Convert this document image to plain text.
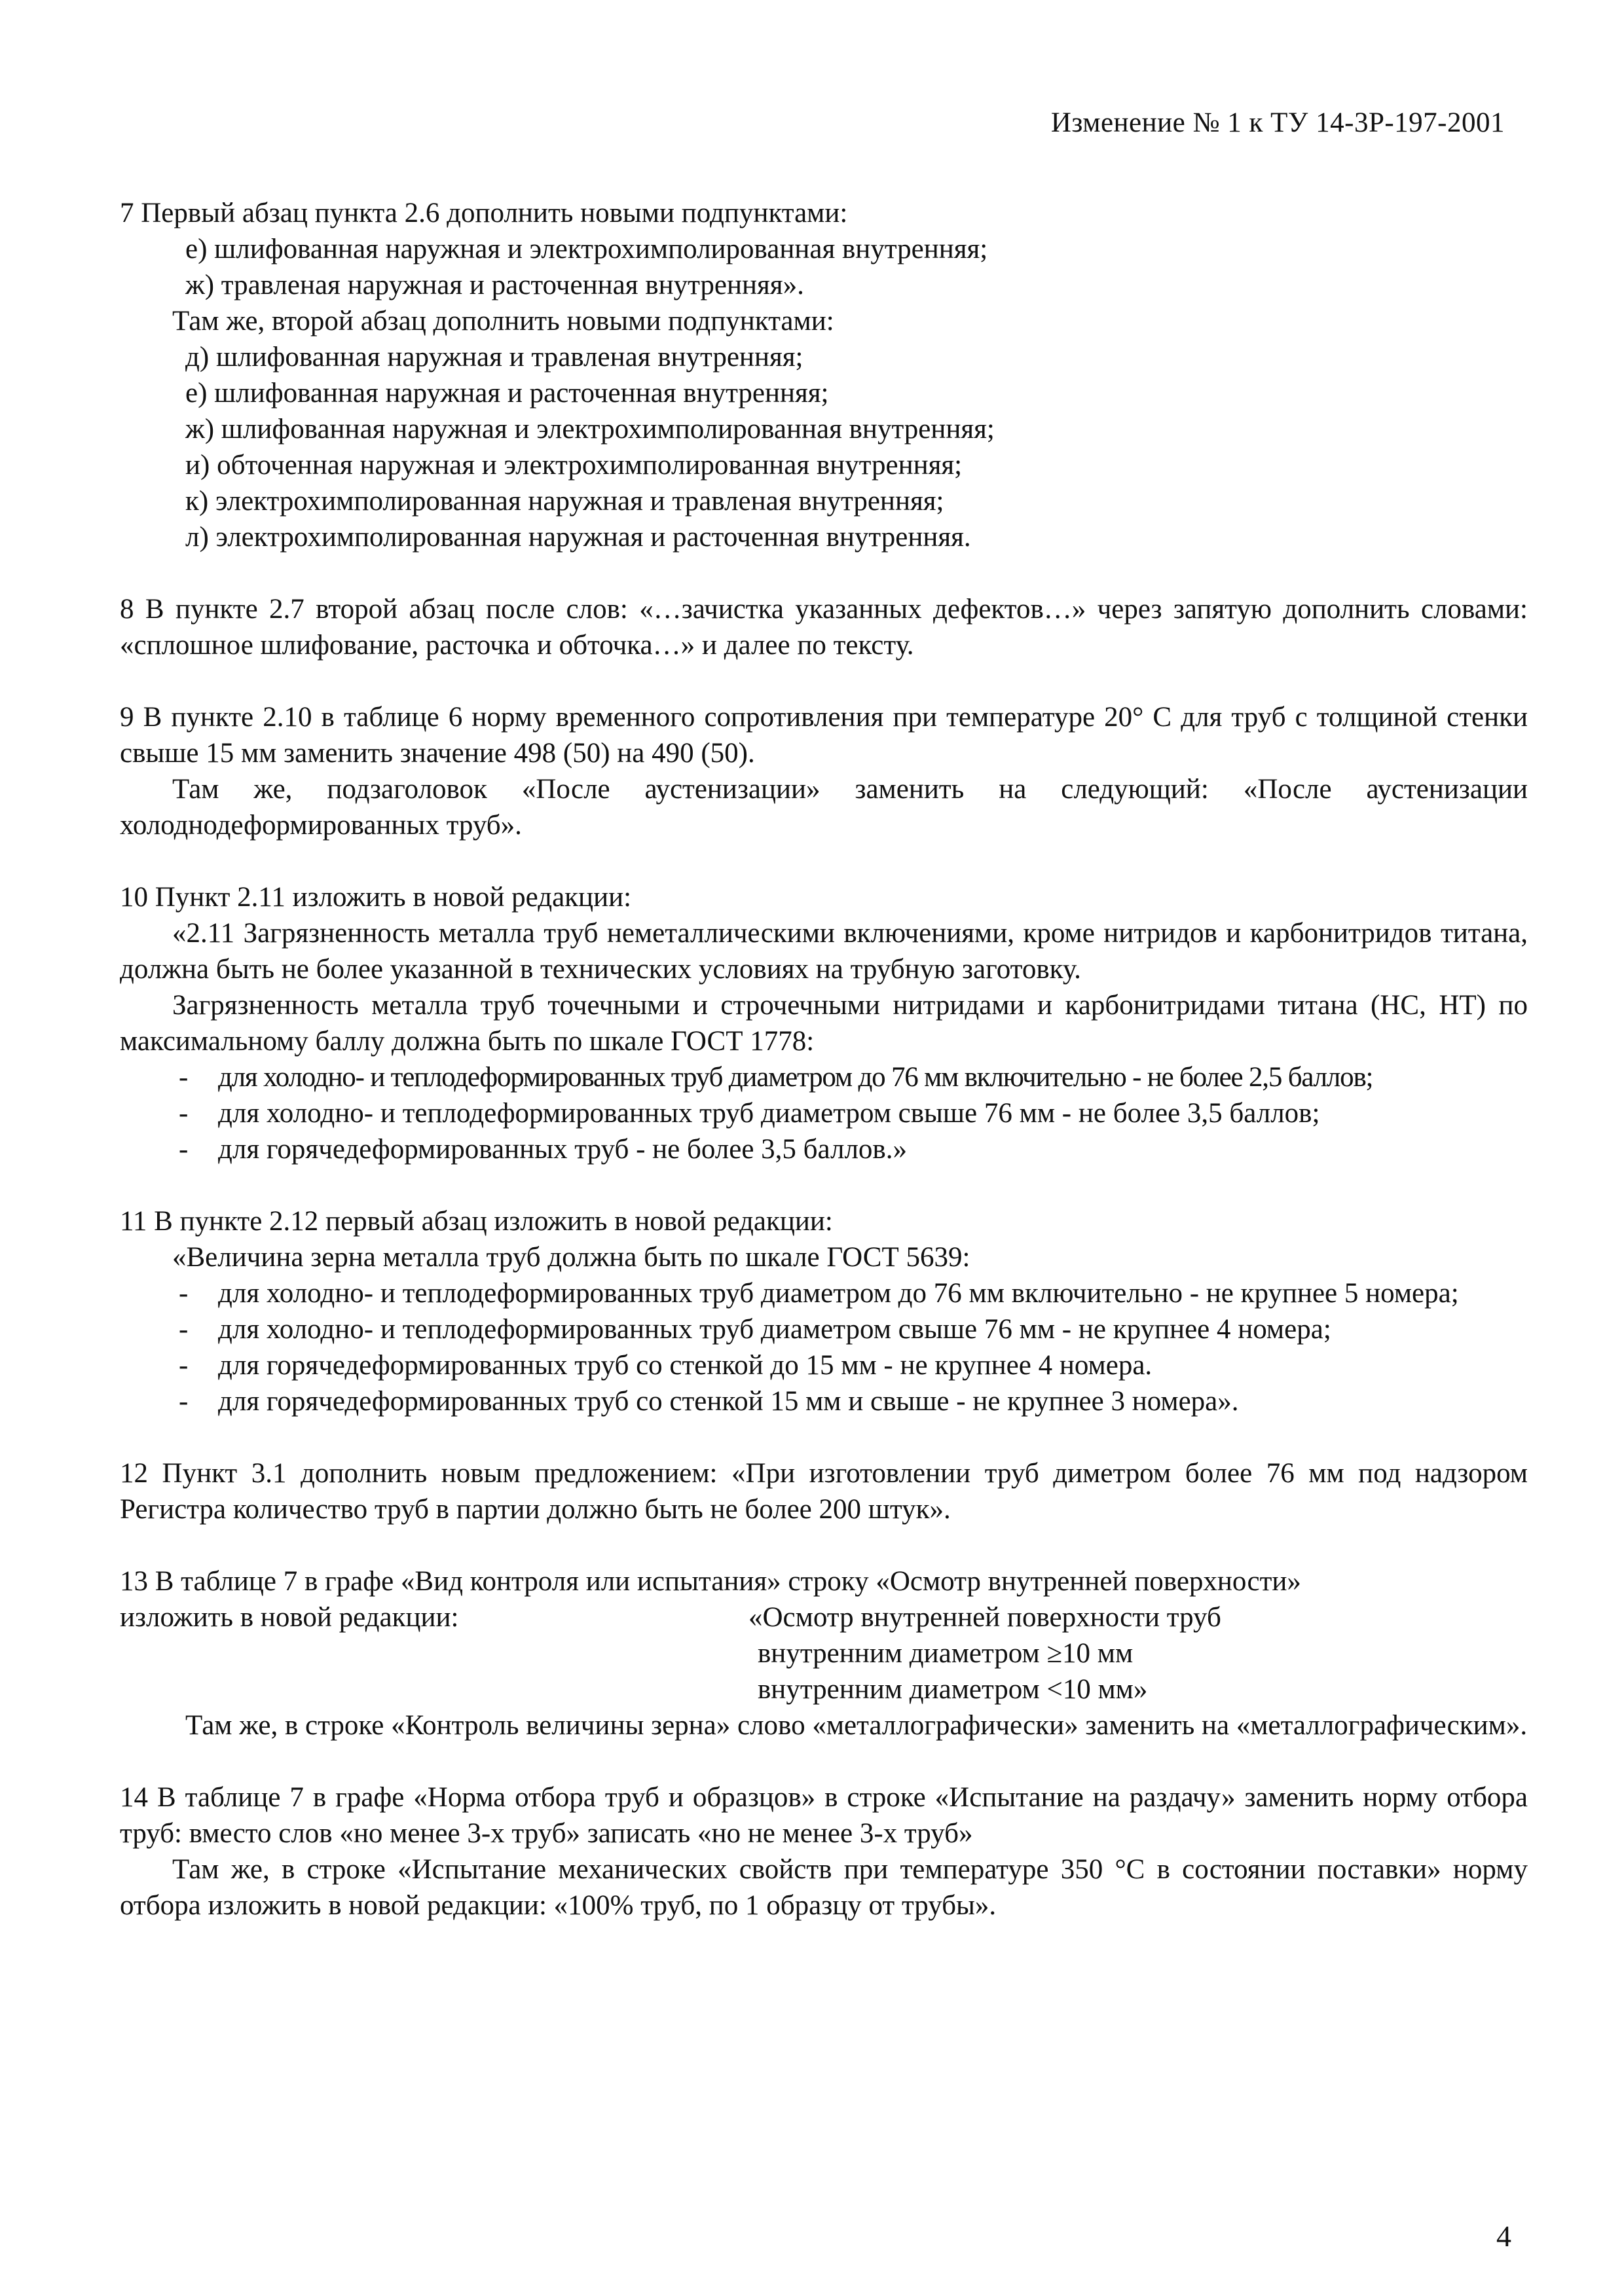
Изменение № 1 к ТУ 14-3Р-197-2001
7 Первый абзац пункта 2.6 дополнить новыми подпунктами:
е) шлифованная наружная и электрохимполированная внутренняя;
ж) травленая наружная и расточенная внутренняя».
Там же, второй абзац дополнить новыми подпунктами:
д) шлифованная наружная и травленая внутренняя;
е) шлифованная наружная и расточенная внутренняя;
ж) шлифованная наружная и электрохимполированная внутренняя;
и) обточенная наружная и электрохимполированная внутренняя;
к) электрохимполированная наружная и травленая внутренняя;
л) электрохимполированная наружная и расточенная внутренняя.
8 В пункте 2.7 второй абзац после слов: «…зачистка указанных дефектов…» через запятую дополнить словами: «сплошное шлифование, расточка и обточка…» и далее по тексту.
9 В пункте 2.10 в таблице 6 норму временного сопротивления при температуре 20° С для труб с толщиной стенки свыше 15 мм заменить значение 498 (50) на 490 (50).
Там же, подзаголовок «После аустенизации» заменить на следующий: «После аустенизации холоднодеформированных труб».
10 Пункт 2.11 изложить в новой редакции:
«2.11 Загрязненность металла труб неметаллическими включениями, кроме нитридов и карбонитридов титана, должна быть не более указанной в технических условиях на трубную заготовку.
Загрязненность металла труб точечными и строчечными нитридами и карбонитридами титана (НС, НТ) по максимальному баллу должна быть по шкале ГОСТ 1778:
-	для холодно- и теплодеформированных труб диаметром до 76 мм включительно - не более 2,5 баллов;
-	для холодно- и теплодеформированных труб диаметром свыше 76 мм - не более 3,5 баллов;
-	для горячедеформированных труб - не более 3,5 баллов.»
11 В пункте 2.12 первый абзац изложить в новой редакции:
«Величина зерна металла труб должна быть по шкале ГОСТ 5639:
-	для холодно- и теплодеформированных труб диаметром до 76 мм включительно - не крупнее 5 номера;
-	для холодно- и теплодеформированных труб диаметром свыше 76 мм - не крупнее 4 номера;
-	для горячедеформированных труб со стенкой до 15 мм - не крупнее 4 номера.
-	для горячедеформированных труб со стенкой 15 мм и свыше - не крупнее 3 номера».
12 Пункт 3.1 дополнить новым предложением: «При изготовлении труб диметром более 76 мм под надзором Регистра количество труб в партии должно быть не более 200 штук».
13 В таблице 7 в графе «Вид контроля или испытания» строку «Осмотр внутренней поверхности»
изложить в новой редакции:	«Осмотр внутренней поверхности труб
внутренним диаметром ≥10 мм
внутренним диаметром <10 мм»
Там же, в строке «Контроль величины зерна» слово «металлографически» заменить на «металлографическим».
14 В таблице 7 в графе «Норма отбора труб и образцов» в строке «Испытание на раздачу» заменить норму отбора труб: вместо слов «но менее 3-х труб» записать «но не менее 3-х труб»
Там же, в строке «Испытание механических свойств при температуре 350 °С в состоянии поставки» норму отбора изложить в новой редакции: «100% труб, по 1 образцу от трубы».
4
